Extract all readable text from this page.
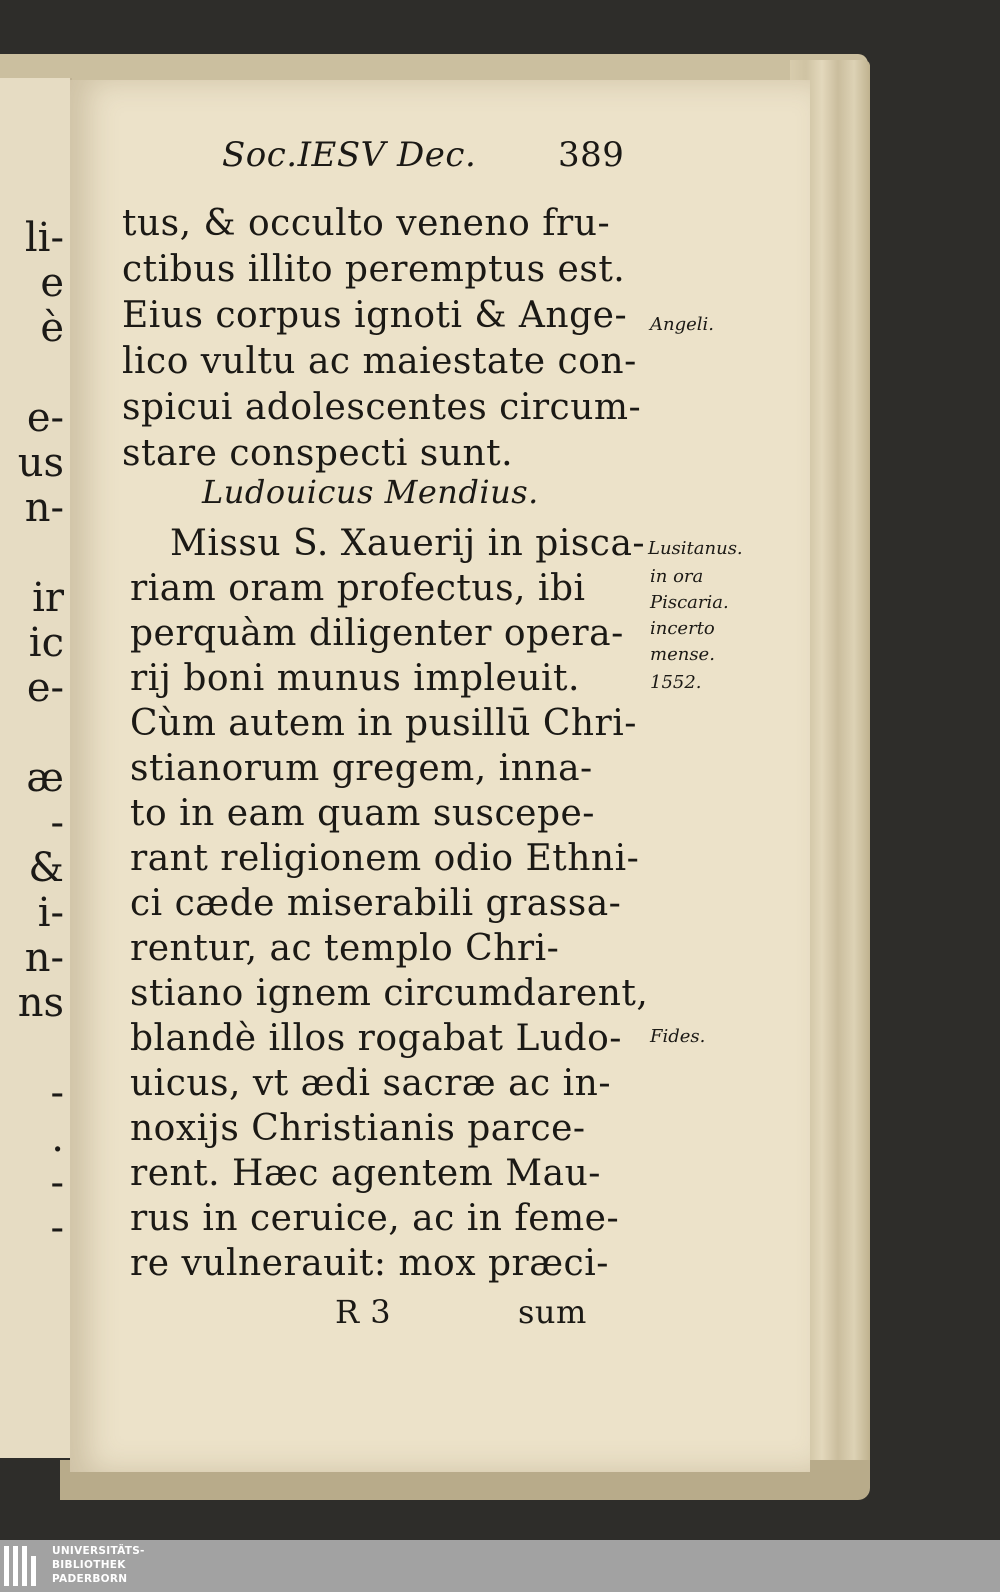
li-
e
è
e-
us
n-
ir
ic
e-
æ
-
&
i-
n-
ns
-
.
-
-
Soc.IESV Dec. 389
tus, & occulto veneno fru-
ctibus illito peremptus est.
Eius corpus ignoti & Ange-
lico vultu ac maiestate con-
spicui adolescentes circum-
stare conspecti sunt.
Ludouicus Mendius.
Missu S. Xauerij in pisca-
riam oram profectus, ibi
perquàm diligenter opera-
rij boni munus impleuit.
Cùm autem in pusillū Chri-
stianorum gregem, inna-
to in eam quam suscepe-
rant religionem odio Ethni-
ci cæde miserabili grassa-
rentur, ac templo Chri-
stiano ignem circumdarent,
blandè illos rogabat Ludo-
uicus, vt ædi sacræ ac in-
noxijs Christianis parce-
rent. Hæc agentem Mau-
rus in ceruice, ac in feme-
re vulnerauit: mox præci-
R 3	sum
Angeli.
Lusitanus.
in ora
Piscaria.
incerto
mense.
1552.
Fides.
UNIVERSITÄTS-
BIBLIOTHEK
PADERBORN
